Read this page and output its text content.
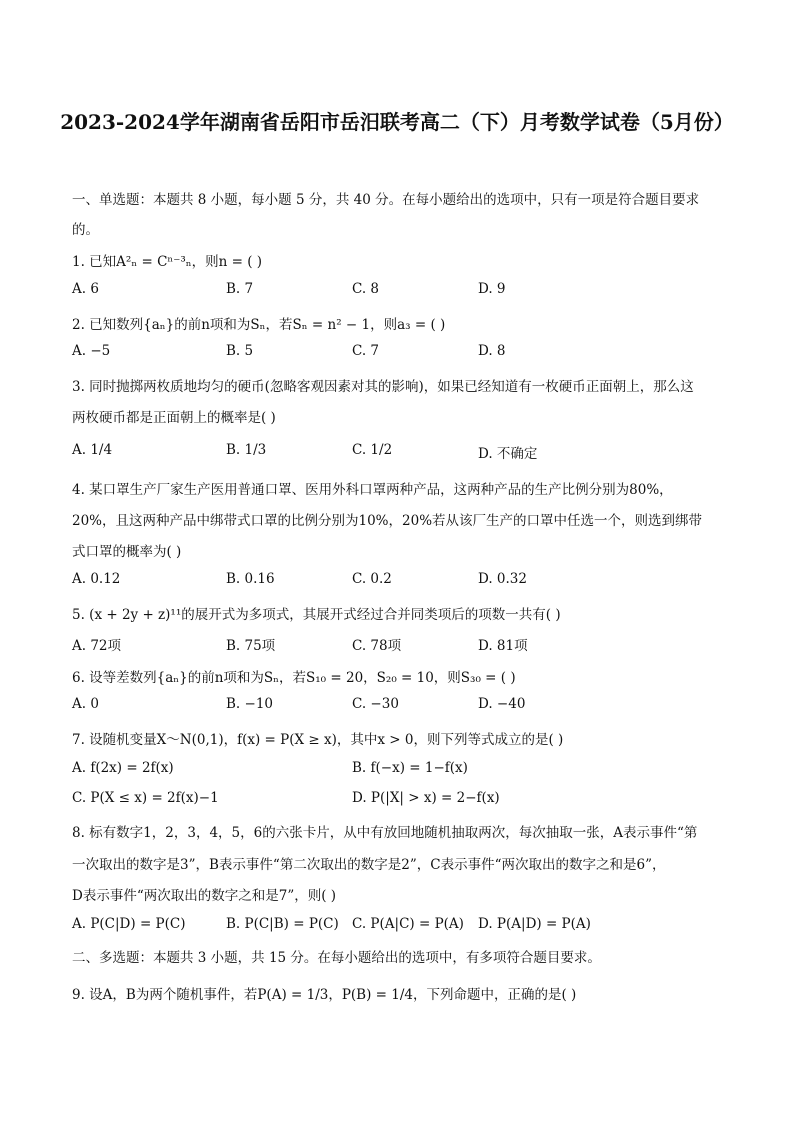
2023-2024学年湖南省岳阳市岳汨联考高二（下）月考数学试卷（5月份）
一、单选题：本题共 8 小题，每小题 5 分，共 40 分。在每小题给出的选项中，只有一项是符合题目要求
的。
1. 已知A²ₙ = Cⁿ⁻³ₙ，则n = ( )
A. 6	B. 7	C. 8	D. 9
2. 已知数列{aₙ}的前n项和为Sₙ，若Sₙ = n² − 1，则a₃ = ( )
A. −5	B. 5	C. 7	D. 8
3. 同时抛掷两枚质地均匀的硬币(忽略客观因素对其的影响)，如果已经知道有一枚硬币正面朝上，那么这
两枚硬币都是正面朝上的概率是( )
A. 1/4	B. 1/3	C. 1/2	D. 不确定
4. 某口罩生产厂家生产医用普通口罩、医用外科口罩两种产品，这两种产品的生产比例分别为80%，
20%，且这两种产品中绑带式口罩的比例分别为10%，20%若从该厂生产的口罩中任选一个，则选到绑带
式口罩的概率为( )
A. 0.12	B. 0.16	C. 0.2	D. 0.32
5. (x + 2y + z)¹¹的展开式为多项式，其展开式经过合并同类项后的项数一共有( )
A. 72项	B. 75项	C. 78项	D. 81项
6. 设等差数列{aₙ}的前n项和为Sₙ，若S₁₀ = 20，S₂₀ = 10，则S₃₀ = ( )
A. 0	B. −10	C. −30	D. −40
7. 设随机变量X～N(0,1)，f(x) = P(X ≥ x)，其中x > 0，则下列等式成立的是( )
A. f(2x) = 2f(x)	B. f(−x) = 1−f(x)
C. P(X ≤ x) = 2f(x)−1	D. P(|X| > x) = 2−f(x)
8. 标有数字1，2，3，4，5，6的六张卡片，从中有放回地随机抽取两次，每次抽取一张，A表示事件“第
一次取出的数字是3”，B表示事件“第二次取出的数字是2”，C表示事件“两次取出的数字之和是6”，
D表示事件“两次取出的数字之和是7”，则( )
A. P(C|D) = P(C)	B. P(C|B) = P(C) C. P(A|C) = P(A) D. P(A|D) = P(A)
二、多选题：本题共 3 小题，共 15 分。在每小题给出的选项中，有多项符合题目要求。
9. 设A，B为两个随机事件，若P(A) = 1/3，P(B) = 1/4，下列命题中，正确的是( )
